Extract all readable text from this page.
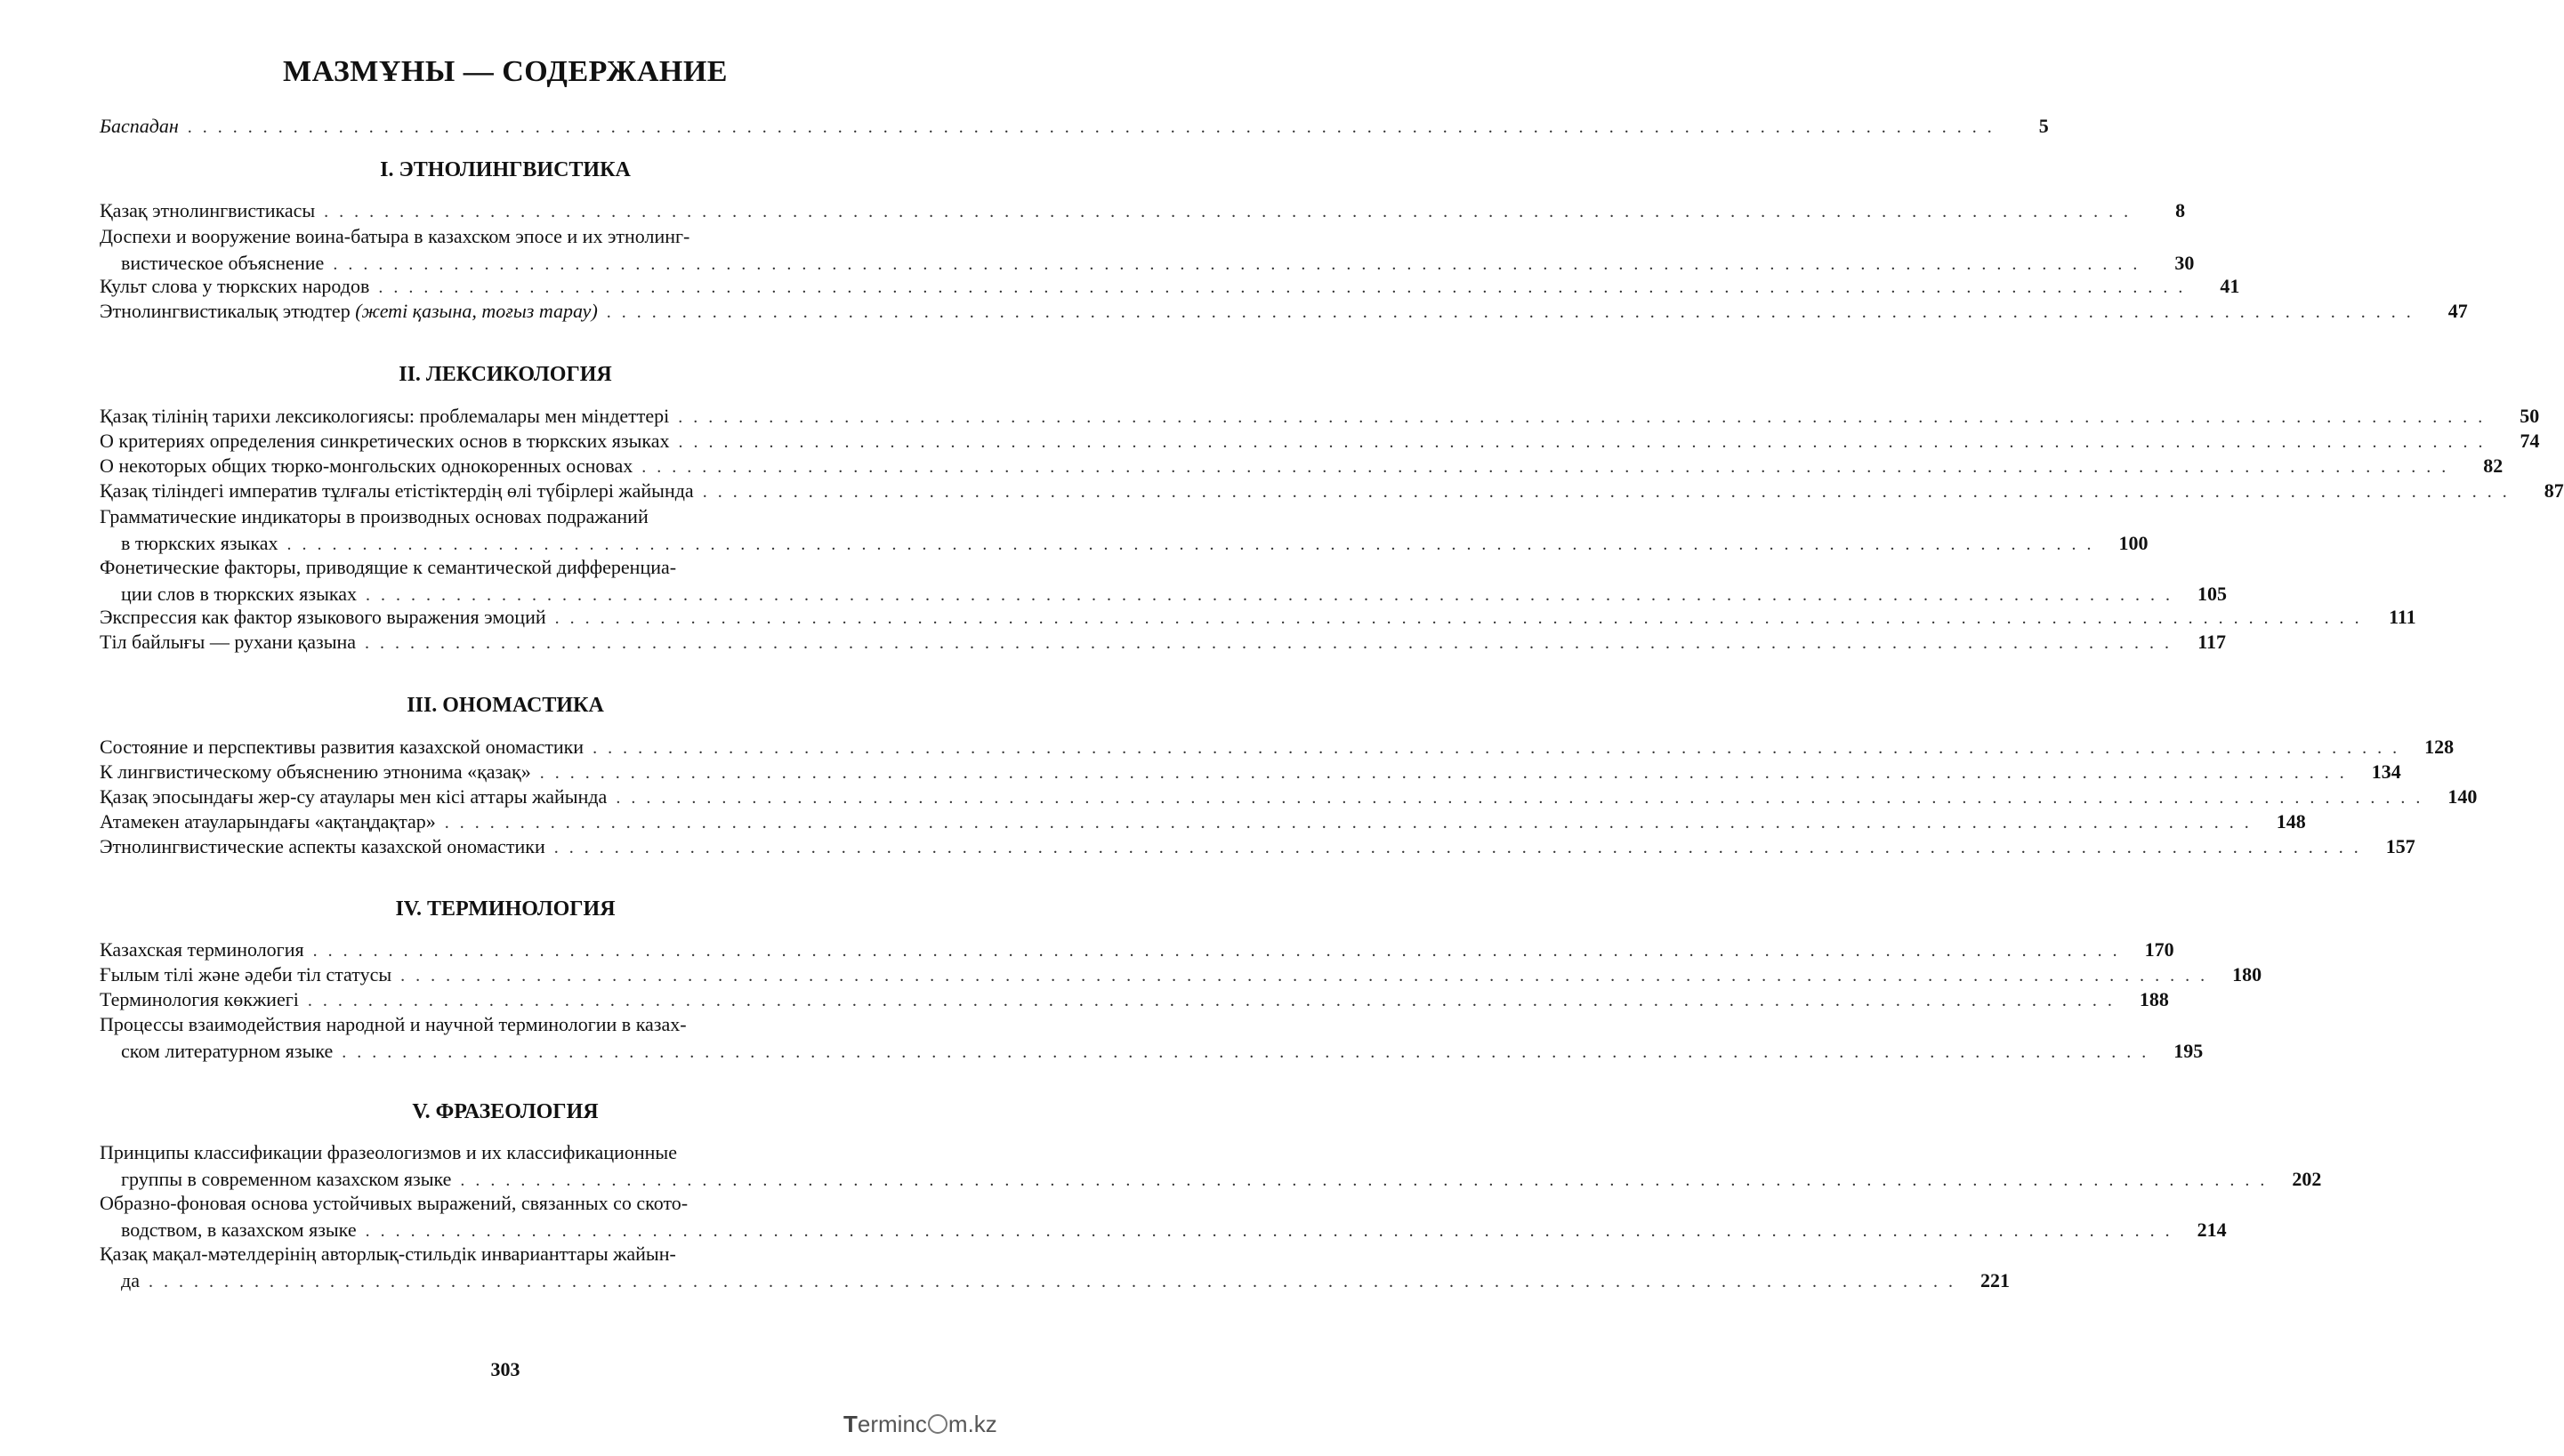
МАЗМҰНЫ — СОДЕРЖАНИЕ
Баспадан ........................................................................................................................	5
I. ЭТНОЛИНГВИСТИКА
Қазақ этнолингвистикасы ........................................................................................................................	8
Доспехи и вооружение воина-батыра в казахском эпосе и их этнолинг-
вистическое объяснение ........................................................................................................................	30
Культ слова у тюркских народов ........................................................................................................................	41
Этнолингвистикалық этюдтер (жеті қазына, тоғыз тарау) ........................................................................................................................	47
II. ЛЕКСИКОЛОГИЯ
Қазақ тілінің тарихи лексикологиясы: проблемалары мен міндеттері ........................................................................................................................	50
О критериях определения синкретических основ в тюркских языках ........................................................................................................................	74
О некоторых общих тюрко-монгольских однокоренных основах ........................................................................................................................	82
Қазақ тіліндегі императив тұлғалы етістіктердің өлі түбірлері жайында ........................................................................................................................	87
Грамматические индикаторы в производных основах подражаний
в тюркских языках ........................................................................................................................ 100
Фонетические факторы, приводящие к семантической дифференциа-
ции слов в тюркских языках ........................................................................................................................ 105
Экспрессия как фактор языкового выражения эмоций ........................................................................................................................ 111
Тіл байлығы — рухани қазына ........................................................................................................................ 117
III. ОНОМАСТИКА
Состояние и перспективы развития казахской ономастики ........................................................................................................................ 128
К лингвистическому объяснению этнонима «қазақ» ........................................................................................................................ 134
Қазақ эпосындағы жер-су атаулары мен кісі аттары жайында ........................................................................................................................ 140
Атамекен атауларындағы «ақтаңдақтар» ........................................................................................................................ 148
Этнолингвистические аспекты казахской ономастики ........................................................................................................................ 157
IV. ТЕРМИНОЛОГИЯ
Казахская терминология ........................................................................................................................ 170
Ғылым тілі және әдеби тіл статусы ........................................................................................................................ 180
Терминология көкжиегі ........................................................................................................................ 188
Процессы взаимодействия народной и научной терминологии в казах-
ском литературном языке ........................................................................................................................ 195
V. ФРАЗЕОЛОГИЯ
Принципы классификации фразеологизмов и их классификационные
группы в современном казахском языке ........................................................................................................................ 202
Образно-фоновая основа устойчивых выражений, связанных со ското-
водством, в казахском языке ........................................................................................................................ 214
Қазақ мақал-мәтелдерінің авторлық-стильдік инварианттары жайын-
да ........................................................................................................................ 221
303
Terminc m.kz
